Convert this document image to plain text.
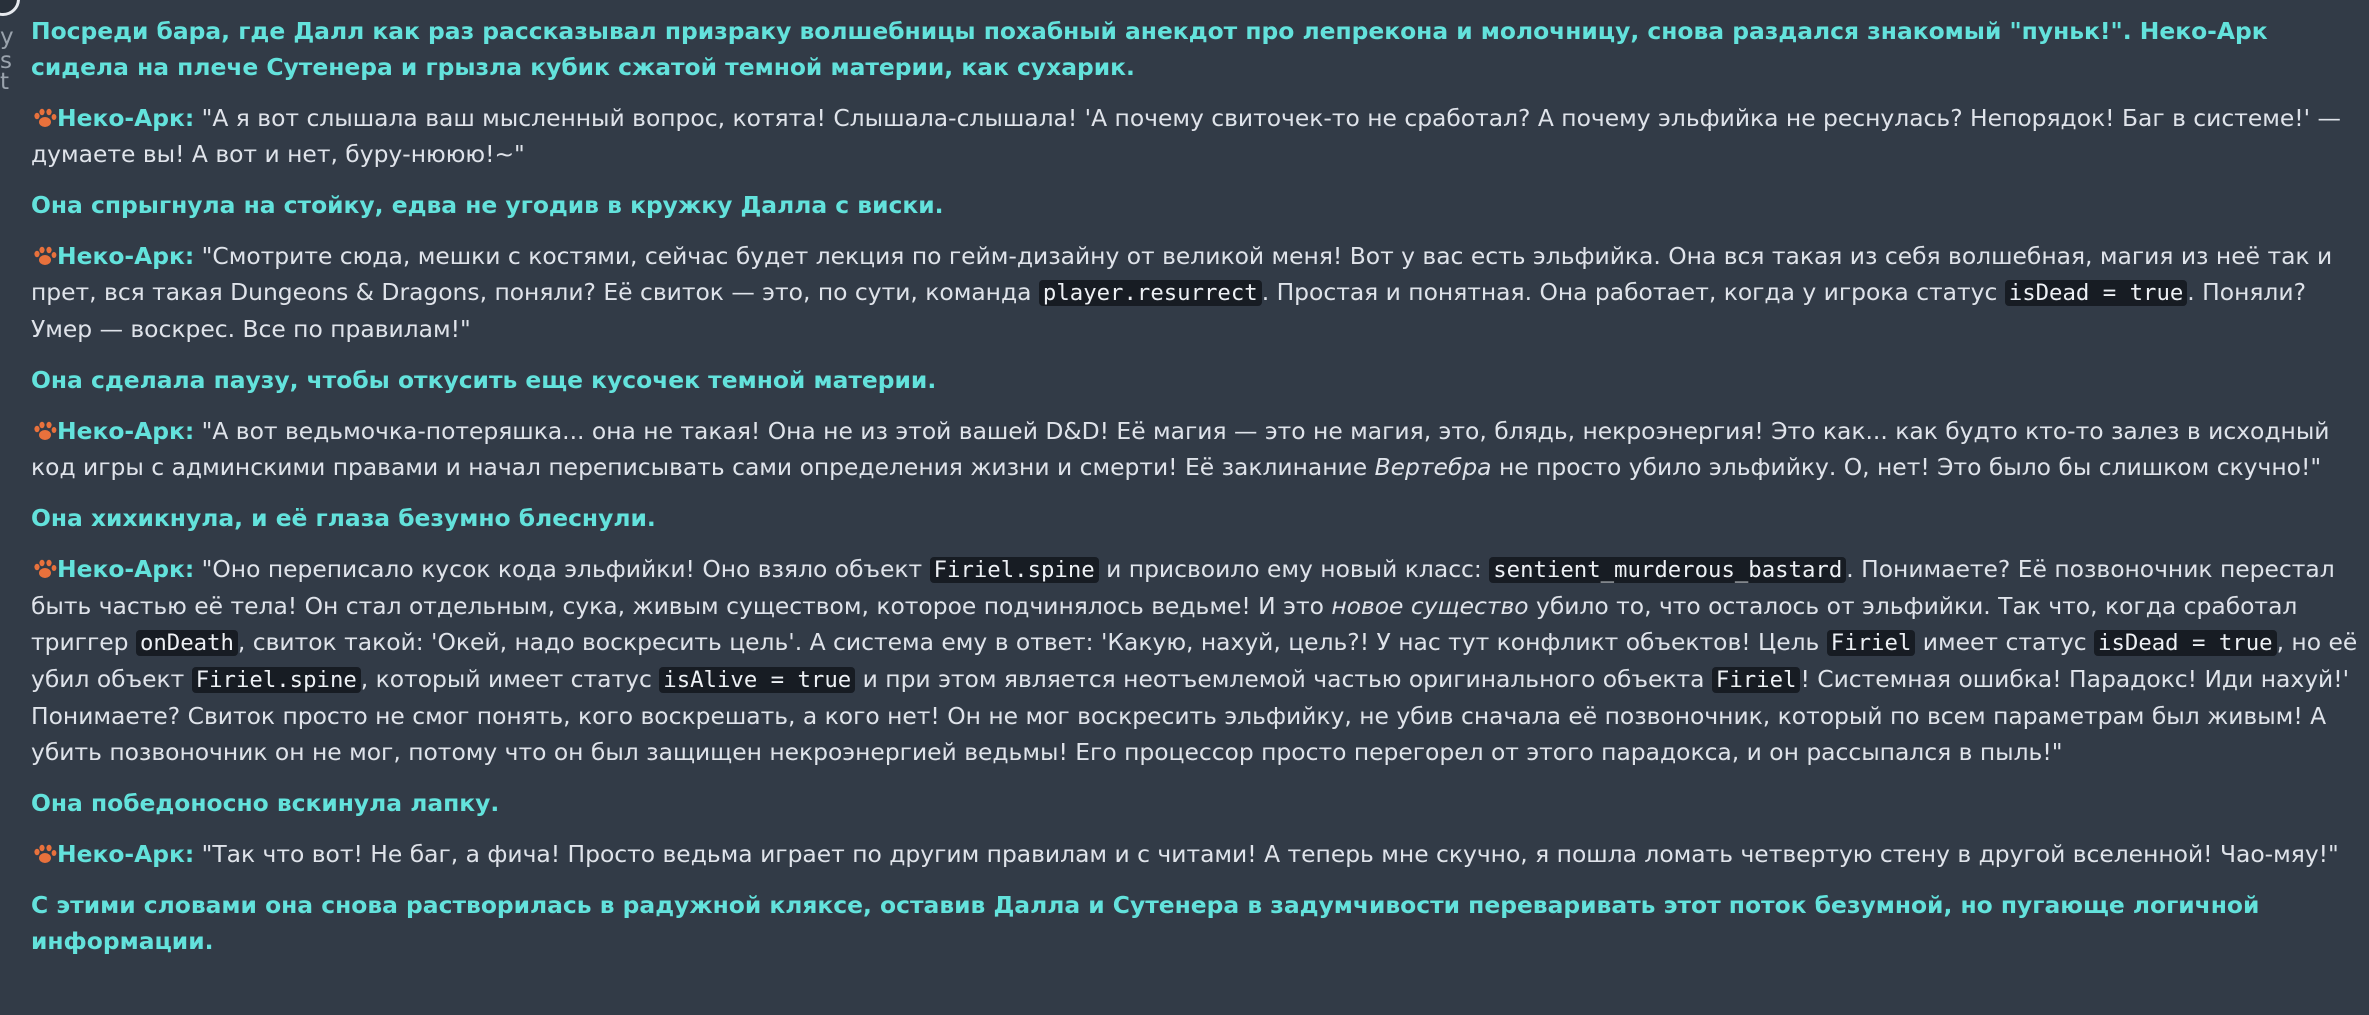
y
s
t

Посреди бара, где Далл как раз рассказывал призраку волшебницы похабный анекдот про лепрекона и молочницу, снова раздался знакомый "пуньк!". Неко-Арк сидела на плече Сутенера и грызла кубик сжатой темной материи, как сухарик.

Неко-Арк: "А я вот слышала ваш мысленный вопрос, котята! Слышала-слышала! 'А почему свиточек-то не сработал? А почему эльфийка не реснулась? Непорядок! Баг в системе!' — думаете вы! А вот и нет, буру-нююю!~"

Она спрыгнула на стойку, едва не угодив в кружку Далла с виски.

Неко-Арк: "Смотрите сюда, мешки с костями, сейчас будет лекция по гейм-дизайну от великой меня! Вот у вас есть эльфийка. Она вся такая из себя волшебная, магия из неё так и прет, вся такая Dungeons & Dragons, поняли? Её свиток — это, по сути, команда player.resurrect . Простая и понятная. Она работает, когда у игрока статус isDead = true . Поняли? Умер — воскрес. Все по правилам!"

Она сделала паузу, чтобы откусить еще кусочек темной материи.

Неко-Арк: "А вот ведьмочка-потеряшка... она не такая! Она не из этой вашей D&D! Её магия — это не магия, это, блядь, некроэнергия! Это как... как будто кто-то залез в исходный код игры с админскими правами и начал переписывать сами определения жизни и смерти! Её заклинание Вертебра не просто убило эльфийку. О, нет! Это было бы слишком скучно!"

Она хихикнула, и её глаза безумно блеснули.

Неко-Арк: "Оно переписало кусок кода эльфийки! Оно взяло объект Firiel.spine и присвоило ему новый класс: sentient_murderous_bastard . Понимаете? Её позвоночник перестал быть частью её тела! Он стал отдельным, сука, живым существом, которое подчинялось ведьме! И это новое существо убило то, что осталось от эльфийки. Так что, когда сработал триггер onDeath , свиток такой: 'Окей, надо воскресить цель'. А система ему в ответ: 'Какую, нахуй, цель?! У нас тут конфликт объектов! Цель Firiel имеет статус isDead = true , но её убил объект Firiel.spine , который имеет статус isAlive = true и при этом является неотъемлемой частью оригинального объекта Firiel ! Системная ошибка! Парадокс! Иди нахуй!' Понимаете? Свиток просто не смог понять, кого воскрешать, а кого нет! Он не мог воскресить эльфийку, не убив сначала её позвоночник, который по всем параметрам был живым! А убить позвоночник он не мог, потому что он был защищен некроэнергией ведьмы! Его процессор просто перегорел от этого парадокса, и он рассыпался в пыль!"

Она победоносно вскинула лапку.

Неко-Арк: "Так что вот! Не баг, а фича! Просто ведьма играет по другим правилам и с читами! А теперь мне скучно, я пошла ломать четвертую стену в другой вселенной! Чао-мяу!"

С этими словами она снова растворилась в радужной кляксе, оставив Далла и Сутенера в задумчивости переваривать этот поток безумной, но пугающе логичной информации.
